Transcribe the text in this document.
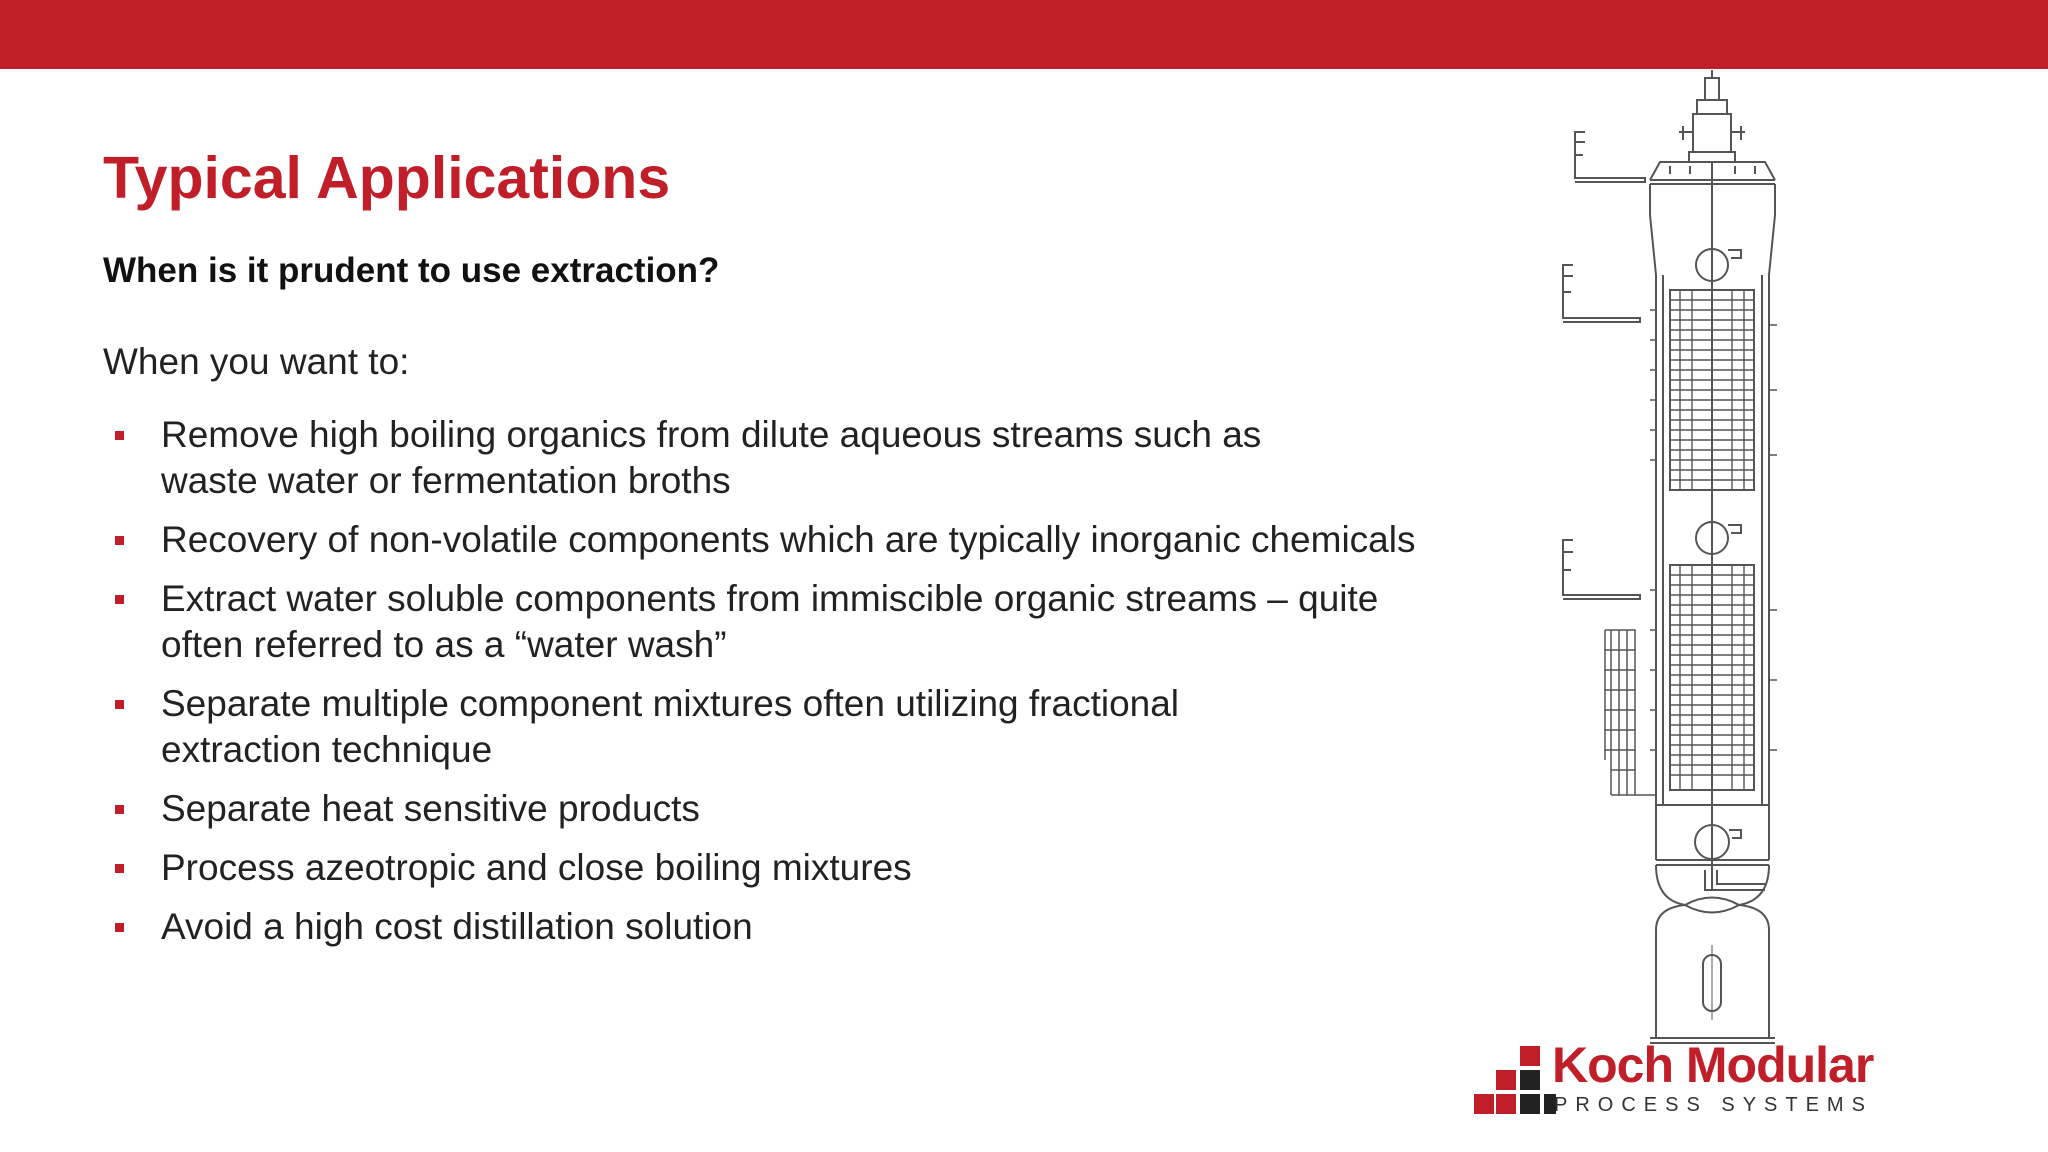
Typical Applications
When is it prudent to use extraction?

When you want to:

Remove high boiling organics from dilute aqueous streams such as
waste water or fermentation broths
Recovery of non-volatile components which are typically inorganic chemicals
Extract water soluble components from immiscible organic streams – quite
often referred to as a “water wash”
Separate multiple component mixtures often utilizing fractional
extraction technique
Separate heat sensitive products
Process azeotropic and close boiling mixtures
Avoid a high cost distillation solution

Koch Modular

PROCESS SYSTEMS
